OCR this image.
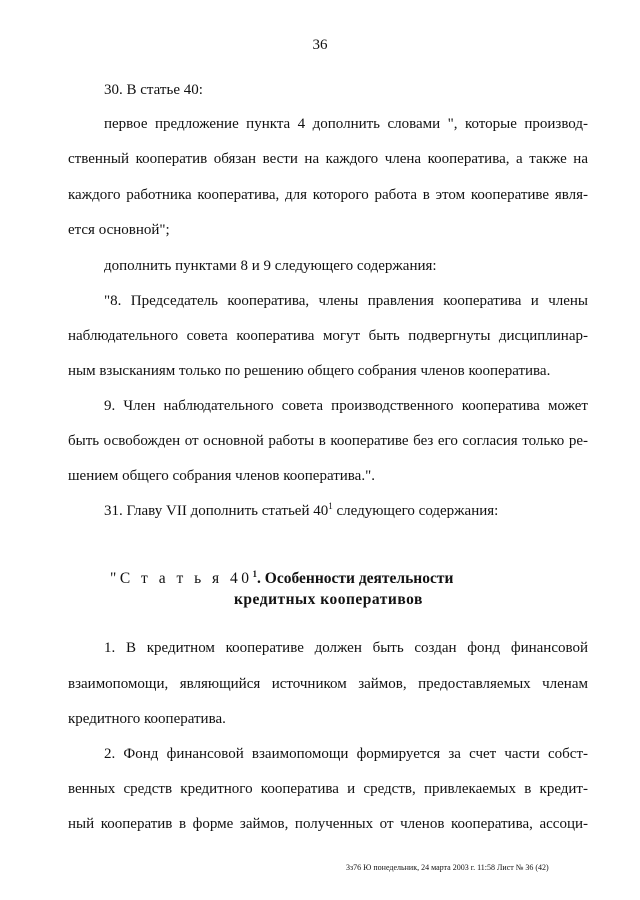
36
30. В статье 40:
первое предложение пункта 4 дополнить словами ", которые производ-
ственный кооператив обязан вести на каждого члена кооператива, а также на
каждого работника кооператива, для которого работа в этом кооперативе явля-
ется основной";
дополнить пунктами 8 и 9 следующего содержания:
"8. Председатель кооператива, члены правления кооператива и члены
наблюдательного совета кооператива могут быть подвергнуты дисциплинар-
ным взысканиям только по решению общего собрания членов кооператива.
9. Член наблюдательного совета производственного кооператива может
быть освобожден от основной работы в кооперативе без его согласия только ре-
шением общего собрания членов кооператива.".
31. Главу VII дополнить статьей $40^1$ следующего содержания:
"С т а т ь я $40^1$. Особенности деятельности
кредитных кооперативов
1. В кредитном кооперативе должен быть создан фонд финансовой
взаимопомощи, являющийся источником займов, предоставляемых членам
кредитного кооператива.
2. Фонд финансовой взаимопомощи формируется за счет части собст-
венных средств кредитного кооператива и средств, привлекаемых в кредит-
ный кооператив в форме займов, полученных от членов кооператива, ассоци-
3з76 Ю понедельник, 24 марта 2003 г. 11:58 Лист № 36 (42)
